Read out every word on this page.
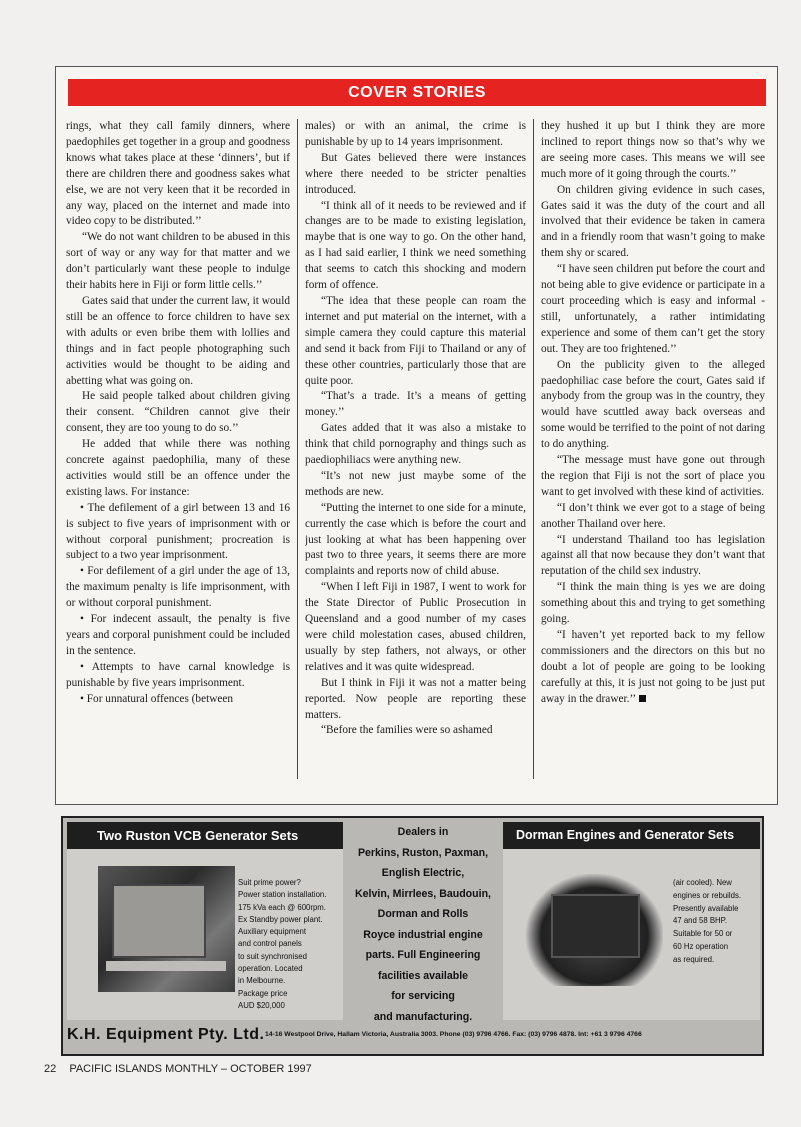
COVER STORIES

rings, what they call family dinners, where paedophiles get together in a group and goodness knows what takes place at these ‘dinners’, but if there are children there and goodness sakes what else, we are not very keen that it be recorded in any way, placed on the internet and made into video copy to be distributed.’’

“We do not want children to be abused in this sort of way or any way for that matter and we don’t particularly want these people to indulge their habits here in Fiji or form little cells.’’

Gates said that under the current law, it would still be an offence to force children to have sex with adults or even bribe them with lollies and things and in fact people photographing such activities would be thought to be aiding and abetting what was going on.

He said people talked about children giving their consent. “Children cannot give their consent, they are too young to do so.’’

He added that while there was nothing concrete against paedophilia, many of these activities would still be an offence under the existing laws. For instance:

• The defilement of a girl between 13 and 16 is subject to five years of imprisonment with or without corporal punishment; procreation is subject to a two year imprisonment.

• For defilement of a girl under the age of 13, the maximum penalty is life imprisonment, with or without corporal punishment.

• For indecent assault, the penalty is five years and corporal punishment could be included in the sentence.

• Attempts to have carnal knowledge is punishable by five years imprisonment.

• For unnatural offences (between

males) or with an animal, the crime is punishable by up to 14 years imprisonment.

But Gates believed there were instances where there needed to be stricter penalties introduced.

“I think all of it needs to be reviewed and if changes are to be made to existing legislation, maybe that is one way to go. On the other hand, as I had said earlier, I think we need something that seems to catch this shocking and modern form of offence.

“The idea that these people can roam the internet and put material on the internet, with a simple camera they could capture this material and send it back from Fiji to Thailand or any of these other countries, particularly those that are quite poor.

“That’s a trade. It’s a means of getting money.’’

Gates added that it was also a mistake to think that child pornography and things such as paediophiliacs were anything new.

“It’s not new just maybe some of the methods are new.

“Putting the internet to one side for a minute, currently the case which is before the court and just looking at what has been happening over past two to three years, it seems there are more complaints and reports now of child abuse.

“When I left Fiji in 1987, I went to work for the State Director of Public Prosecution in Queensland and a good number of my cases were child molestation cases, abused children, usually by step fathers, not always, or other relatives and it was quite widespread.

But I think in Fiji it was not a matter being reported. Now people are reporting these matters.

“Before the families were so ashamed

they hushed it up but I think they are more inclined to report things now so that’s why we are seeing more cases. This means we will see much more of it going through the courts.’’

On children giving evidence in such cases, Gates said it was the duty of the court and all involved that their evidence be taken in camera and in a friendly room that wasn’t going to make them shy or scared.

“I have seen children put before the court and not being able to give evidence or participate in a court proceeding which is easy and informal - still, unfortunately, a rather intimidating experience and some of them can’t get the story out. They are too frightened.’’

On the publicity given to the alleged paedophiliac case before the court, Gates said if anybody from the group was in the country, they would have scuttled away back overseas and some would be terrified to the point of not daring to do anything.

“The message must have gone out through the region that Fiji is not the sort of place you want to get involved with these kind of activities.

“I don’t think we ever got to a stage of being another Thailand over here.

“I understand Thailand too has legislation against all that now because they don’t want that reputation of the child sex industry.

“I think the main thing is yes we are doing something about this and trying to get something going.

“I haven’t yet reported back to my fellow commissioners and the directors on this but no doubt a lot of people are going to be looking carefully at this, it is just not going to be just put away in the drawer.’’

Two Ruston VCB Generator Sets
Suit prime power?
Power station installation.
175 kVa each @ 600rpm.
Ex Standby power plant.
Auxiliary equipment
and control panels
to suit synchronised
operation. Located
in Melbourne.
Package price
AUD $20,000
Dealers in
Perkins, Ruston, Paxman,
English Electric,
Kelvin, Mirrlees, Baudouin,
Dorman and Rolls
Royce industrial engine
parts. Full Engineering
facilities available
for servicing
and manufacturing.
Dorman Engines and Generator Sets
(air cooled). New
engines or rebuilds.
Presently available
47 and 58 BHP.
Suitable for 50 or
60 Hz operation
as required.
K.H. Equipment Pty. Ltd. 14-16 Westpool Drive, Hallam Victoria, Australia 3003. Phone (03) 9796 4766. Fax: (03) 9796 4878. Int: +61 3 9796 4766
22 PACIFIC ISLANDS MONTHLY – OCTOBER 1997
